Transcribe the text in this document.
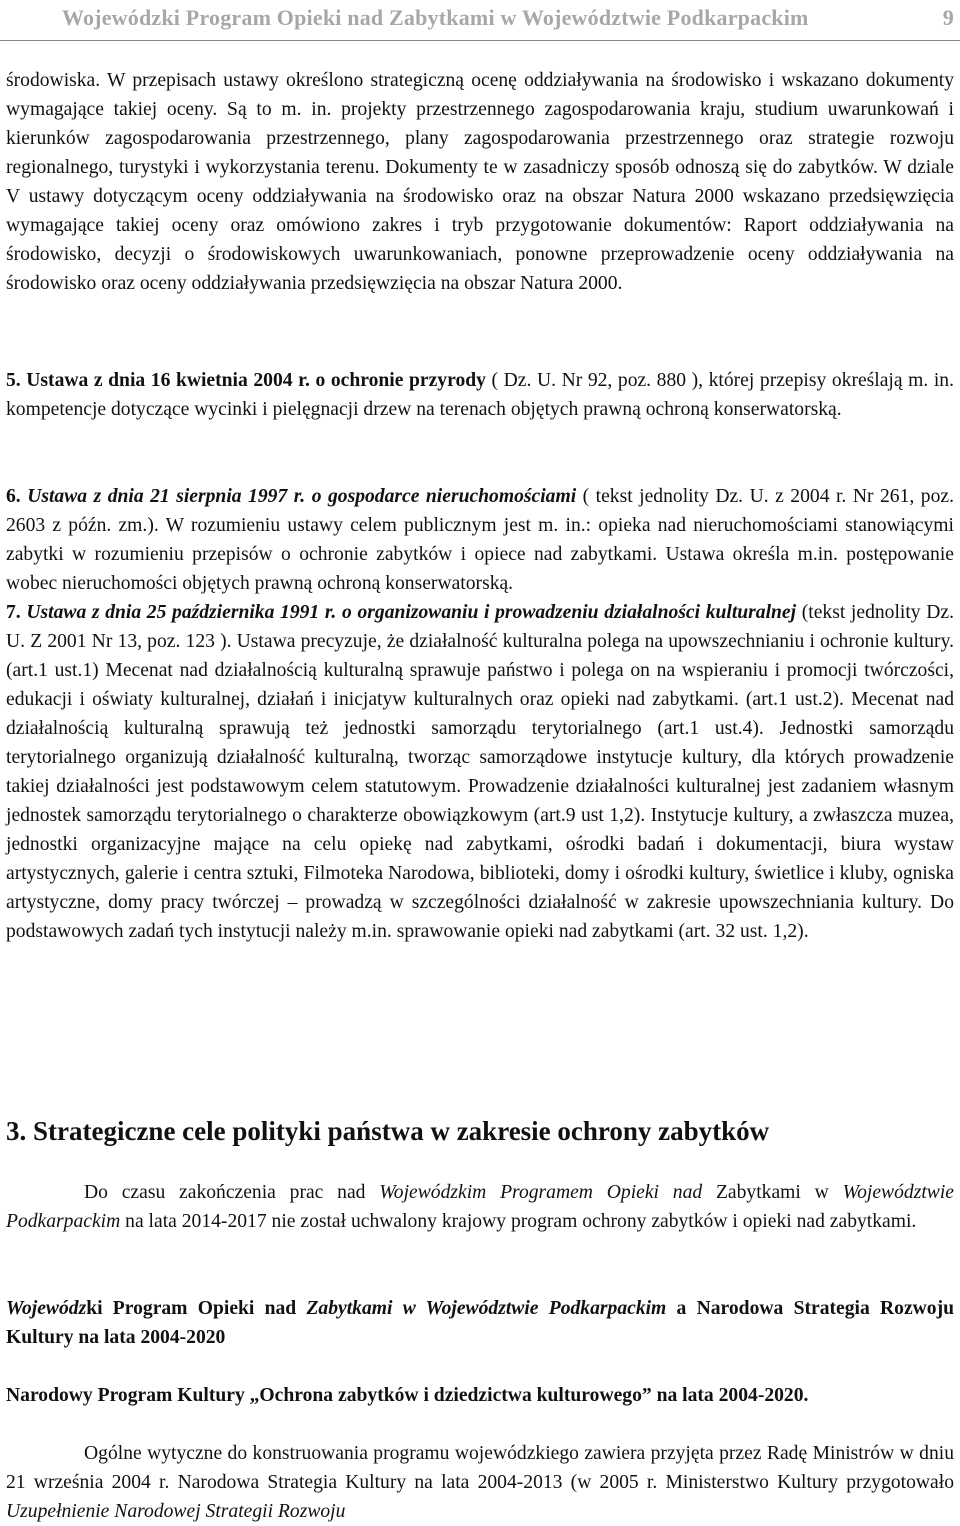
Wojewódzki Program Opieki nad Zabytkami w Województwie Podkarpackim	9

środowiska. W przepisach ustawy określono strategiczną ocenę oddziaływania na środowisko i wskazano dokumenty wymagające takiej oceny. Są to m. in. projekty przestrzennego zagospodarowania kraju, studium uwarunkowań i kierunków zagospodarowania przestrzennego, plany zagospodarowania przestrzennego oraz strategie rozwoju regionalnego, turystyki i wykorzystania terenu. Dokumenty te w zasadniczy sposób odnoszą się do zabytków. W dziale V ustawy dotyczącym oceny oddziaływania na środowisko oraz na obszar Natura 2000 wskazano przedsięwzięcia wymagające takiej oceny oraz omówiono zakres i tryb przygotowanie dokumentów: Raport oddziaływania na środowisko, decyzji o środowiskowych uwarunkowaniach, ponowne przeprowadzenie oceny oddziaływania na środowisko oraz oceny oddziaływania przedsięwzięcia na obszar Natura 2000.

5. Ustawa z dnia 16 kwietnia 2004 r. o ochronie przyrody ( Dz. U. Nr 92, poz. 880 ), której przepisy określają m. in. kompetencje dotyczące wycinki i pielęgnacji drzew na terenach objętych prawną ochroną konserwatorską.

6. Ustawa z dnia 21 sierpnia 1997 r. o gospodarce nieruchomościami ( tekst jednolity Dz. U. z 2004 r. Nr 261, poz. 2603 z późn. zm.). W rozumieniu ustawy celem publicznym jest m. in.: opieka nad nieruchomościami stanowiącymi zabytki w rozumieniu przepisów o ochronie zabytków i opiece nad zabytkami. Ustawa określa m.in. postępowanie wobec nieruchomości objętych prawną ochroną konserwatorską.

7. Ustawa z dnia 25 października 1991 r. o organizowaniu i prowadzeniu działalności kulturalnej (tekst jednolity Dz. U. Z 2001 Nr 13, poz. 123 ). Ustawa precyzuje, że działalność kulturalna polega na upowszechnianiu i ochronie kultury. (art.1 ust.1) Mecenat nad działalnością kulturalną sprawuje państwo i polega on na wspieraniu i promocji twórczości, edukacji i oświaty kulturalnej, działań i inicjatyw kulturalnych oraz opieki nad zabytkami. (art.1 ust.2). Mecenat nad działalnością kulturalną sprawują też jednostki samorządu terytorialnego (art.1 ust.4). Jednostki samorządu terytorialnego organizują działalność kulturalną, tworząc samorządowe instytucje kultury, dla których prowadzenie takiej działalności jest podstawowym celem statutowym. Prowadzenie działalności kulturalnej jest zadaniem własnym jednostek samorządu terytorialnego o charakterze obowiązkowym (art.9 ust 1,2). Instytucje kultury, a zwłaszcza muzea, jednostki organizacyjne mające na celu opiekę nad zabytkami, ośrodki badań i dokumentacji, biura wystaw artystycznych, galerie i centra sztuki, Filmoteka Narodowa, biblioteki, domy i ośrodki kultury, świetlice i kluby, ogniska artystyczne, domy pracy twórczej – prowadzą w szczególności działalność w zakresie upowszechniania kultury. Do podstawowych zadań tych instytucji należy m.in. sprawowanie opieki nad zabytkami (art. 32 ust. 1,2).

3. Strategiczne cele polityki państwa w zakresie ochrony zabytków

Do czasu zakończenia prac nad Wojewódzkim Programem Opieki nad Zabytkami w Województwie Podkarpackim na lata 2014-2017 nie został uchwalony krajowy program ochrony zabytków i opieki nad zabytkami.

Wojewódzki Program Opieki nad Zabytkami w Województwie Podkarpackim a Narodowa Strategia Rozwoju Kultury na lata 2004-2020

Narodowy Program Kultury „Ochrona zabytków i dziedzictwa kulturowego” na lata 2004-2020.

Ogólne wytyczne do konstruowania programu wojewódzkiego zawiera przyjęta przez Radę Ministrów w dniu 21 września 2004 r. Narodowa Strategia Kultury na lata 2004-2013 (w 2005 r. Ministerstwo Kultury przygotowało Uzupełnienie Narodowej Strategii Rozwoju
